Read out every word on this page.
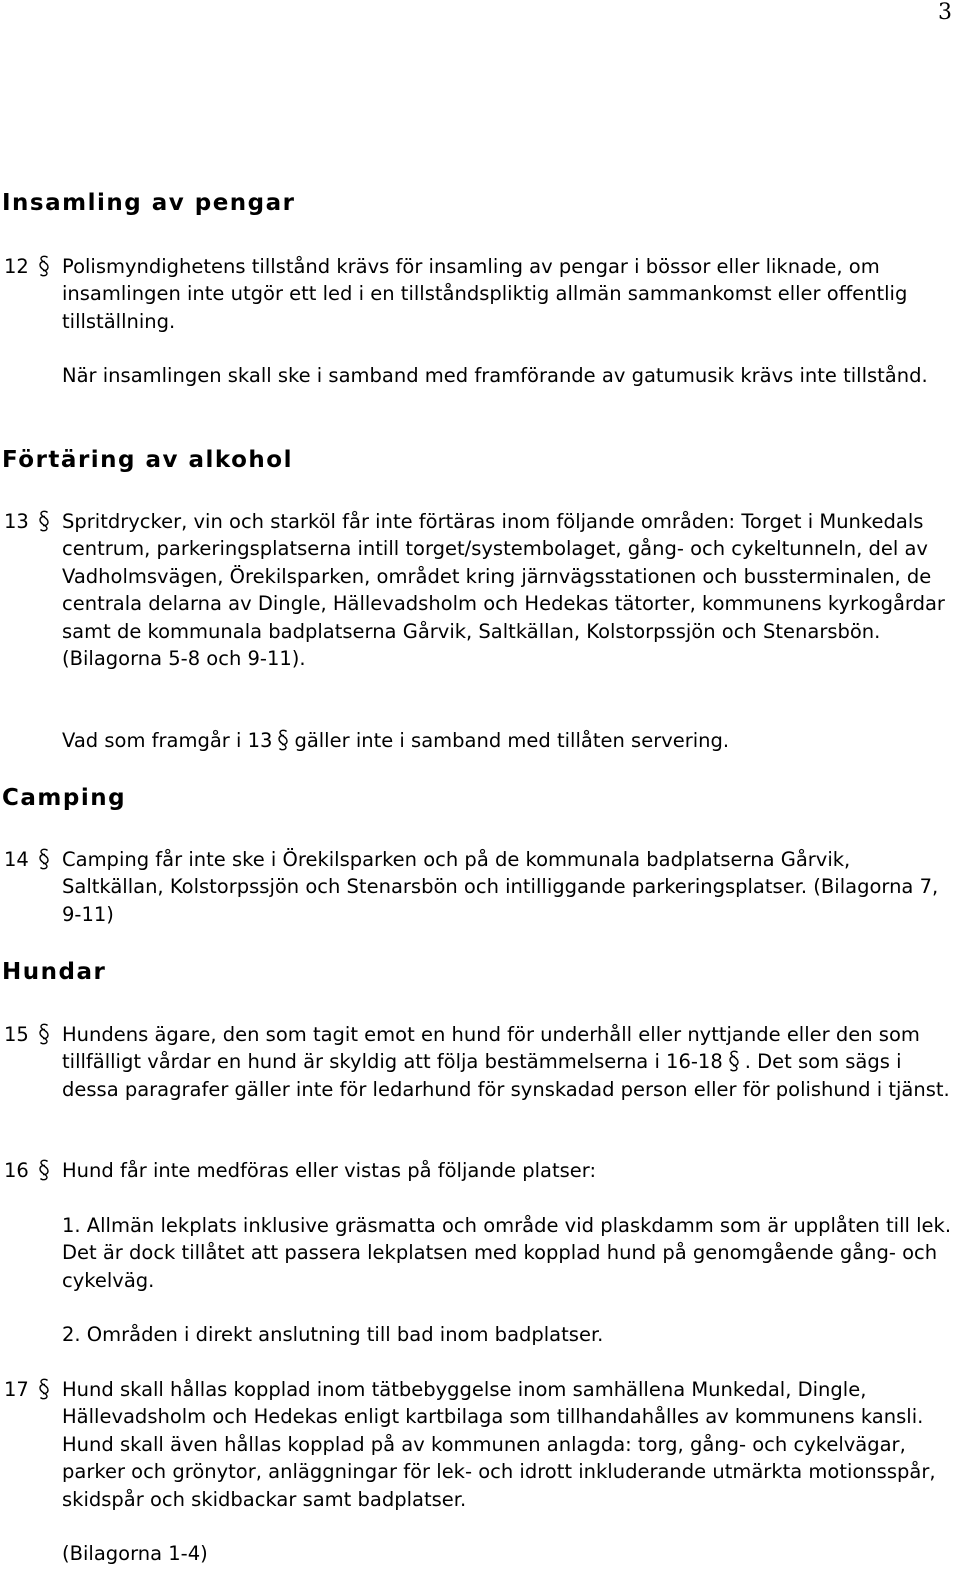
3
Insamling av pengar
12	Polismyndighetens tillstånd krävs för insamling av pengar i bössor eller liknade, om insamlingen inte utgör ett led i en tillståndspliktig allmän sammankomst eller offentlig tillställning.

När insamlingen skall ske i samband med framförande av gatumusik krävs inte tillstånd.

Förtäring av alkohol
13	Spritdrycker, vin och starköl får inte förtäras inom följande områden: Torget i Munkedals centrum, parkeringsplatserna intill torget/systembolaget, gång- och cykeltunneln, del av Vadholmsvägen, Örekilsparken, området kring järnvägsstationen och bussterminalen, de centrala delarna av Dingle, Hällevadsholm och Hedekas tätorter, kommunens kyrkogårdar samt de kommunala badplatserna Gårvik, Saltkällan, Kolstorpssjön och Stenarsbön. (Bilagorna 5-8 och 9-11).

Vad som framgår i 13 gäller inte i samband med tillåten servering.

Camping
14	Camping får inte ske i Örekilsparken och på de kommunala badplatserna Gårvik, Saltkällan, Kolstorpssjön och Stenarsbön och intilliggande parkeringsplatser. (Bilagorna 7, 9-11)

Hundar
15	Hundens ägare, den som tagit emot en hund för underhåll eller nyttjande eller den som tillfälligt vårdar en hund är skyldig att följa bestämmelserna i 16-18 . Det som sägs i dessa paragrafer gäller inte för ledarhund för synskadad person eller för polishund i tjänst.

16	Hund får inte medföras eller vistas på följande platser:

1. Allmän lekplats inklusive gräsmatta och område vid plaskdamm som är upplåten till lek. Det är dock tillåtet att passera lekplatsen med kopplad hund på genomgående gång- och cykelväg.

2. Områden i direkt anslutning till bad inom badplatser.

17	Hund skall hållas kopplad inom tätbebyggelse inom samhällena Munkedal, Dingle, Hällevadsholm och Hedekas enligt kartbilaga som tillhandahålles av kommunens kansli. Hund skall även hållas kopplad på av kommunen anlagda: torg, gång- och cykelvägar, parker och grönytor, anläggningar för lek- och idrott inkluderande utmärkta motionsspår, skidspår och skidbackar samt badplatser.

(Bilagorna 1-4)
